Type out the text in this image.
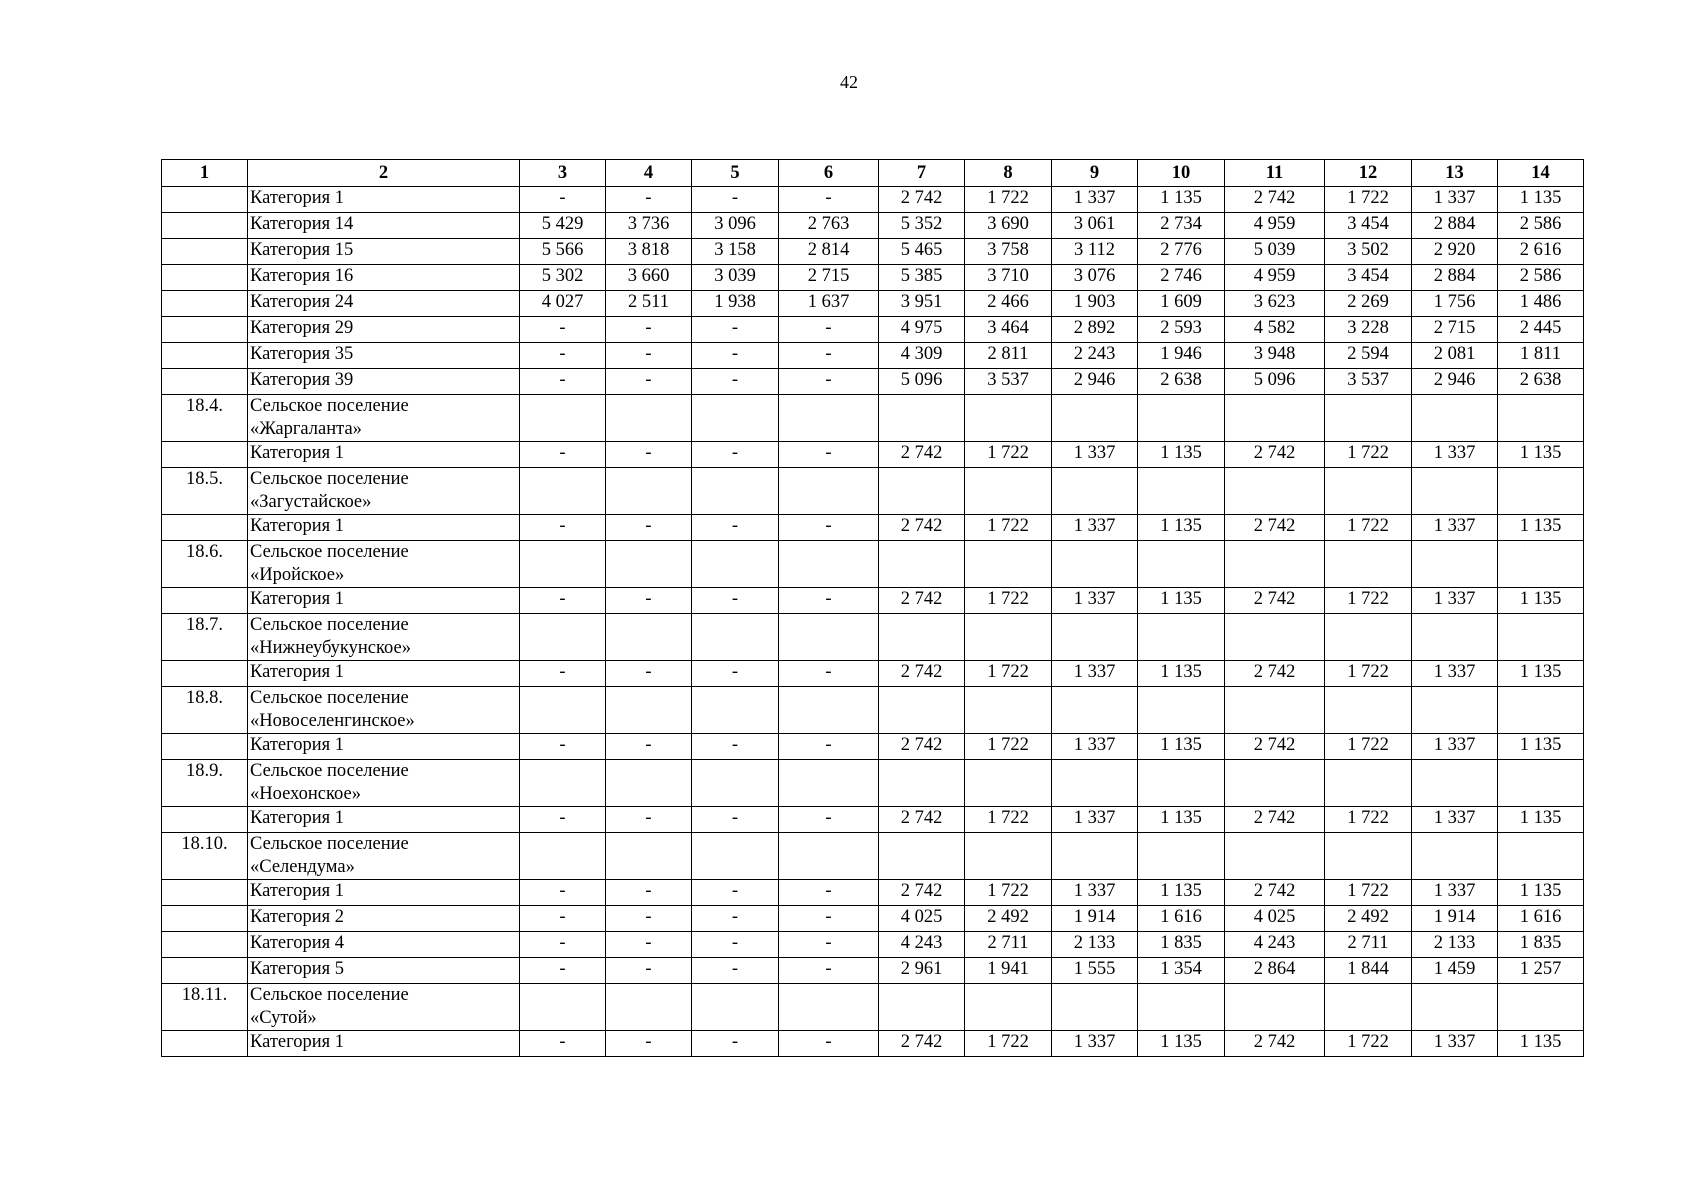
42
1	2	3	4	5	6	7	8	9	10	11	12	13	14
	Категория 1	-	-	-	-	2 742	1 722	1 337	1 135	2 742	1 722	1 337	1 135
	Категория 14	5 429	3 736	3 096	2 763	5 352	3 690	3 061	2 734	4 959	3 454	2 884	2 586
	Категория 15	5 566	3 818	3 158	2 814	5 465	3 758	3 112	2 776	5 039	3 502	2 920	2 616
	Категория 16	5 302	3 660	3 039	2 715	5 385	3 710	3 076	2 746	4 959	3 454	2 884	2 586
	Категория 24	4 027	2 511	1 938	1 637	3 951	2 466	1 903	1 609	3 623	2 269	1 756	1 486
	Категория 29	-	-	-	-	4 975	3 464	2 892	2 593	4 582	3 228	2 715	2 445
	Категория 35	-	-	-	-	4 309	2 811	2 243	1 946	3 948	2 594	2 081	1 811
	Категория 39	-	-	-	-	5 096	3 537	2 946	2 638	5 096	3 537	2 946	2 638
18.4.	Сельское поселение
«Жаргаланта»												

	Категория 1	-	-	-	-	2 742	1 722	1 337	1 135	2 742	1 722	1 337	1 135
18.5.	Сельское поселение
«Загустайское»												

	Категория 1	-	-	-	-	2 742	1 722	1 337	1 135	2 742	1 722	1 337	1 135
18.6.	Сельское поселение
«Иройское»												

	Категория 1	-	-	-	-	2 742	1 722	1 337	1 135	2 742	1 722	1 337	1 135
18.7.	Сельское поселение
«Нижнеубукунское»												

	Категория 1	-	-	-	-	2 742	1 722	1 337	1 135	2 742	1 722	1 337	1 135
18.8.	Сельское поселение
«Новоселенгинское»												

	Категория 1	-	-	-	-	2 742	1 722	1 337	1 135	2 742	1 722	1 337	1 135
18.9.	Сельское поселение
«Ноехонское»												

	Категория 1	-	-	-	-	2 742	1 722	1 337	1 135	2 742	1 722	1 337	1 135
18.10.	Сельское поселение
«Селендума»												

	Категория 1	-	-	-	-	2 742	1 722	1 337	1 135	2 742	1 722	1 337	1 135
	Категория 2	-	-	-	-	4 025	2 492	1 914	1 616	4 025	2 492	1 914	1 616
	Категория 4	-	-	-	-	4 243	2 711	2 133	1 835	4 243	2 711	2 133	1 835
	Категория 5	-	-	-	-	2 961	1 941	1 555	1 354	2 864	1 844	1 459	1 257
18.11.	Сельское поселение
«Сутой»												

	Категория 1	-	-	-	-	2 742	1 722	1 337	1 135	2 742	1 722	1 337	1 135
